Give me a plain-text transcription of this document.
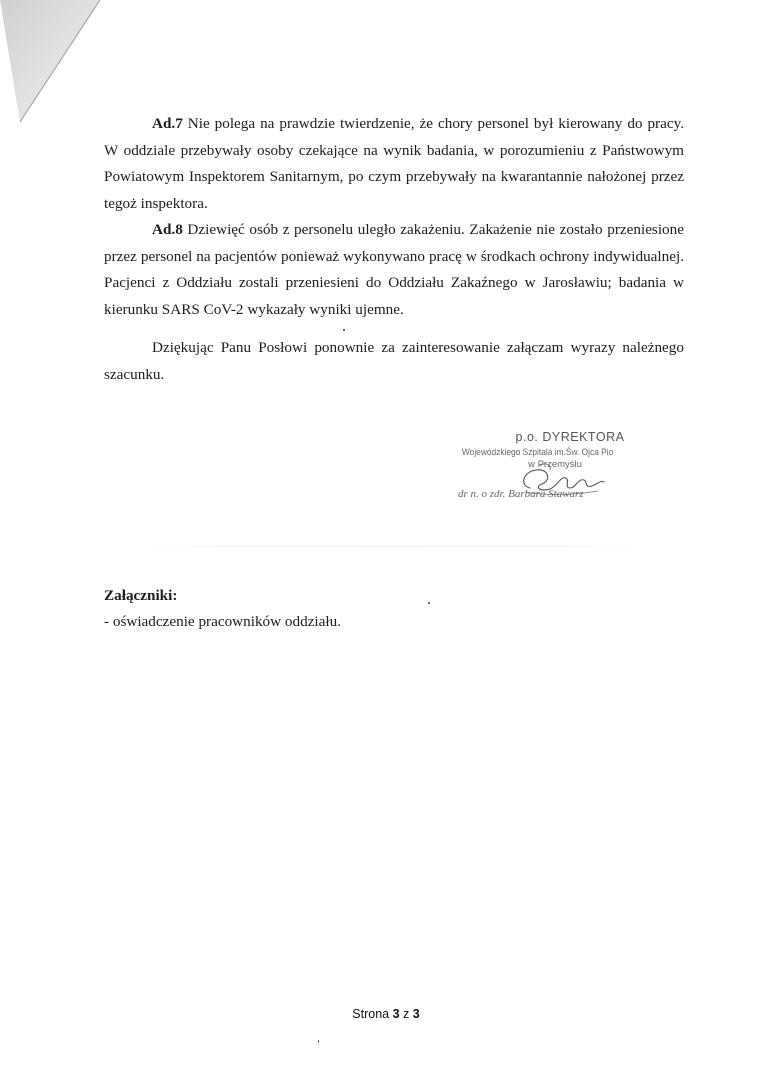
Ad.7 Nie polega na prawdzie twierdzenie, że chory personel był kierowany do pracy. W oddziale przebywały osoby czekające na wynik badania, w porozumieniu z Państwowym Powiatowym Inspektorem Sanitarnym, po czym przebywały na kwarantannie nałożonej przez tegoż inspektora.

Ad.8 Dziewięć osób z personelu uległo zakażeniu. Zakażenie nie zostało przeniesione przez personel na pacjentów ponieważ wykonywano pracę w środkach ochrony indywidualnej. Pacjenci z Oddziału zostali przeniesieni do Oddziału Zakaźnego w Jarosławiu; badania w kierunku SARS CoV-2 wykazały wyniki ujemne.

Dziękując Panu Posłowi ponownie za zainteresowanie załączam wyrazy należnego szacunku.

p.o. DYREKTORA
Wojewódzkiego Szpitala im.Św. Ojca Pio
w Przemyślu
dr n. o zdr. Barbara Stawarz
Załączniki:
- oświadczenie pracowników oddziału.
Strona 3 z 3
